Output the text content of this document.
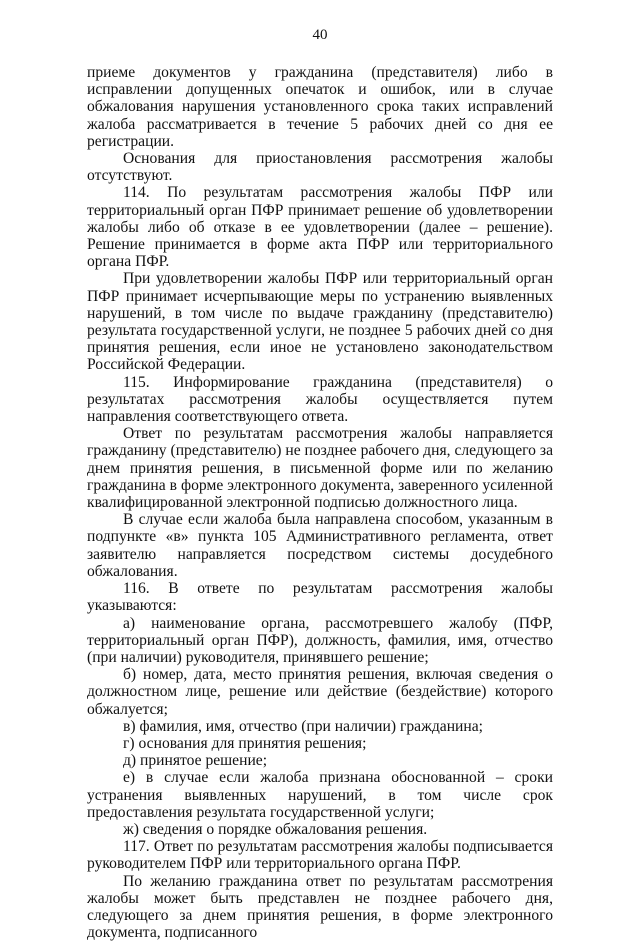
40

приеме документов у гражданина (представителя) либо в исправлении допущенных опечаток и ошибок, или в случае обжалования нарушения установленного срока таких исправлений жалоба рассматривается в течение 5 рабочих дней со дня ее регистрации.

Основания для приостановления рассмотрения жалобы отсутствуют.

114. По результатам рассмотрения жалобы ПФР или территориальный орган ПФР принимает решение об удовлетворении жалобы либо об отказе в ее удовлетворении (далее – решение). Решение принимается в форме акта ПФР или территориального органа ПФР.

При удовлетворении жалобы ПФР или территориальный орган ПФР принимает исчерпывающие меры по устранению выявленных нарушений, в том числе по выдаче гражданину (представителю) результата государственной услуги, не позднее 5 рабочих дней со дня принятия решения, если иное не установлено законодательством Российской Федерации.

115. Информирование гражданина (представителя) о результатах рассмотрения жалобы осуществляется путем направления соответствующего ответа.

Ответ по результатам рассмотрения жалобы направляется гражданину (представителю) не позднее рабочего дня, следующего за днем принятия решения, в письменной форме или по желанию гражданина в форме электронного документа, заверенного усиленной квалифицированной электронной подписью должностного лица.

В случае если жалоба была направлена способом, указанным в подпункте «в» пункта 105 Административного регламента, ответ заявителю направляется посредством системы досудебного обжалования.

116. В ответе по результатам рассмотрения жалобы указываются:

а) наименование органа, рассмотревшего жалобу (ПФР, территориальный орган ПФР), должность, фамилия, имя, отчество (при наличии) руководителя, принявшего решение;

б) номер, дата, место принятия решения, включая сведения о должностном лице, решение или действие (бездействие) которого обжалуется;

в) фамилия, имя, отчество (при наличии) гражданина;

г) основания для принятия решения;

д) принятое решение;

е) в случае если жалоба признана обоснованной – сроки устранения выявленных нарушений, в том числе срок предоставления результата государственной услуги;

ж) сведения о порядке обжалования решения.

117. Ответ по результатам рассмотрения жалобы подписывается руководителем ПФР или территориального органа ПФР.

По желанию гражданина ответ по результатам рассмотрения жалобы может быть представлен не позднее рабочего дня, следующего за днем принятия решения, в форме электронного документа, подписанного
